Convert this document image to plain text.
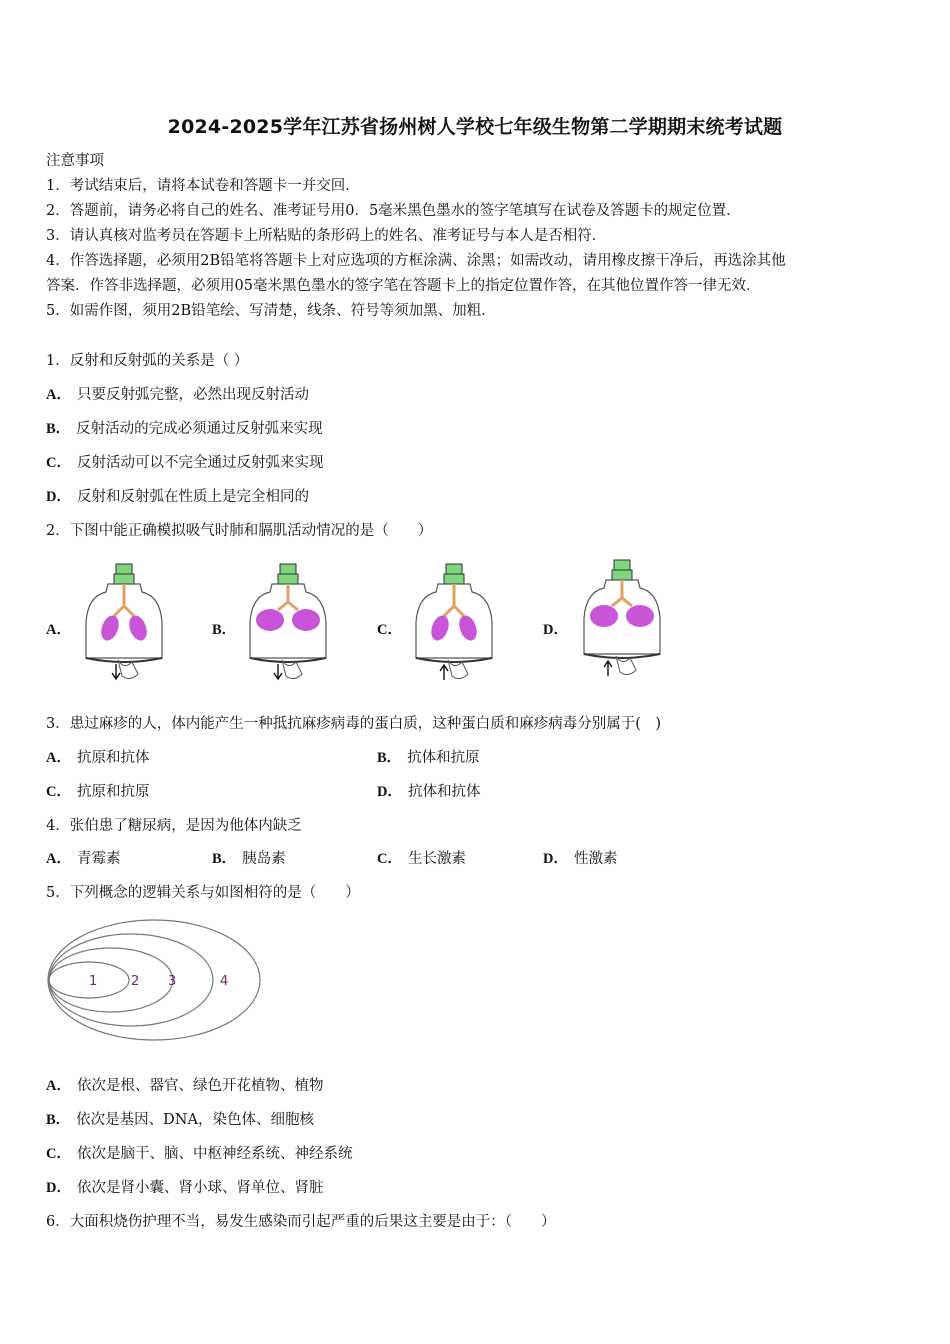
2024-2025学年江苏省扬州树人学校七年级生物第二学期期末统考试题
注意事项
1．考试结束后，请将本试卷和答题卡一并交回．
2．答题前，请务必将自己的姓名、准考证号用0．5毫米黑色墨水的签字笔填写在试卷及答题卡的规定位置．
3．请认真核对监考员在答题卡上所粘贴的条形码上的姓名、准考证号与本人是否相符．
4．作答选择题，必须用2B铅笔将答题卡上对应选项的方框涂满、涂黑；如需改动，请用橡皮擦干净后，再选涂其他
答案．作答非选择题，必须用05毫米黑色墨水的签字笔在答题卡上的指定位置作答，在其他位置作答一律无效．
5．如需作图，须用2B铅笔绘、写清楚，线条、符号等须加黑、加粗．
1．反射和反射弧的关系是（ ）
A． 只要反射弧完整，必然出现反射活动
B． 反射活动的完成必须通过反射弧来实现
C． 反射活动可以不完全通过反射弧来实现
D． 反射和反射弧在性质上是完全相同的
2．下图中能正确模拟吸气时肺和膈肌活动情况的是（　　）
A．	B．	C．	D．
3．患过麻疹的人，体内能产生一种抵抗麻疹病毒的蛋白质，这种蛋白质和麻疹病毒分别属于(　)
A． 抗原和抗体	B． 抗体和抗原
C． 抗原和抗原	D． 抗体和抗体
4．张伯患了糖尿病，是因为他体内缺乏
A． 青霉素	B． 胰岛素	C． 生长激素	D． 性激素
5．下列概念的逻辑关系与如图相符的是（　　）
1	2 3	4
A． 依次是根、器官、绿色开花植物、植物
B． 依次是基因、DNA，染色体、细胞核
C． 依次是脑干、脑、中枢神经系统、神经系统
D． 依次是肾小囊、肾小球、肾单位、肾脏
6．大面积烧伤护理不当，易发生感染而引起严重的后果这主要是由于：（　　）
